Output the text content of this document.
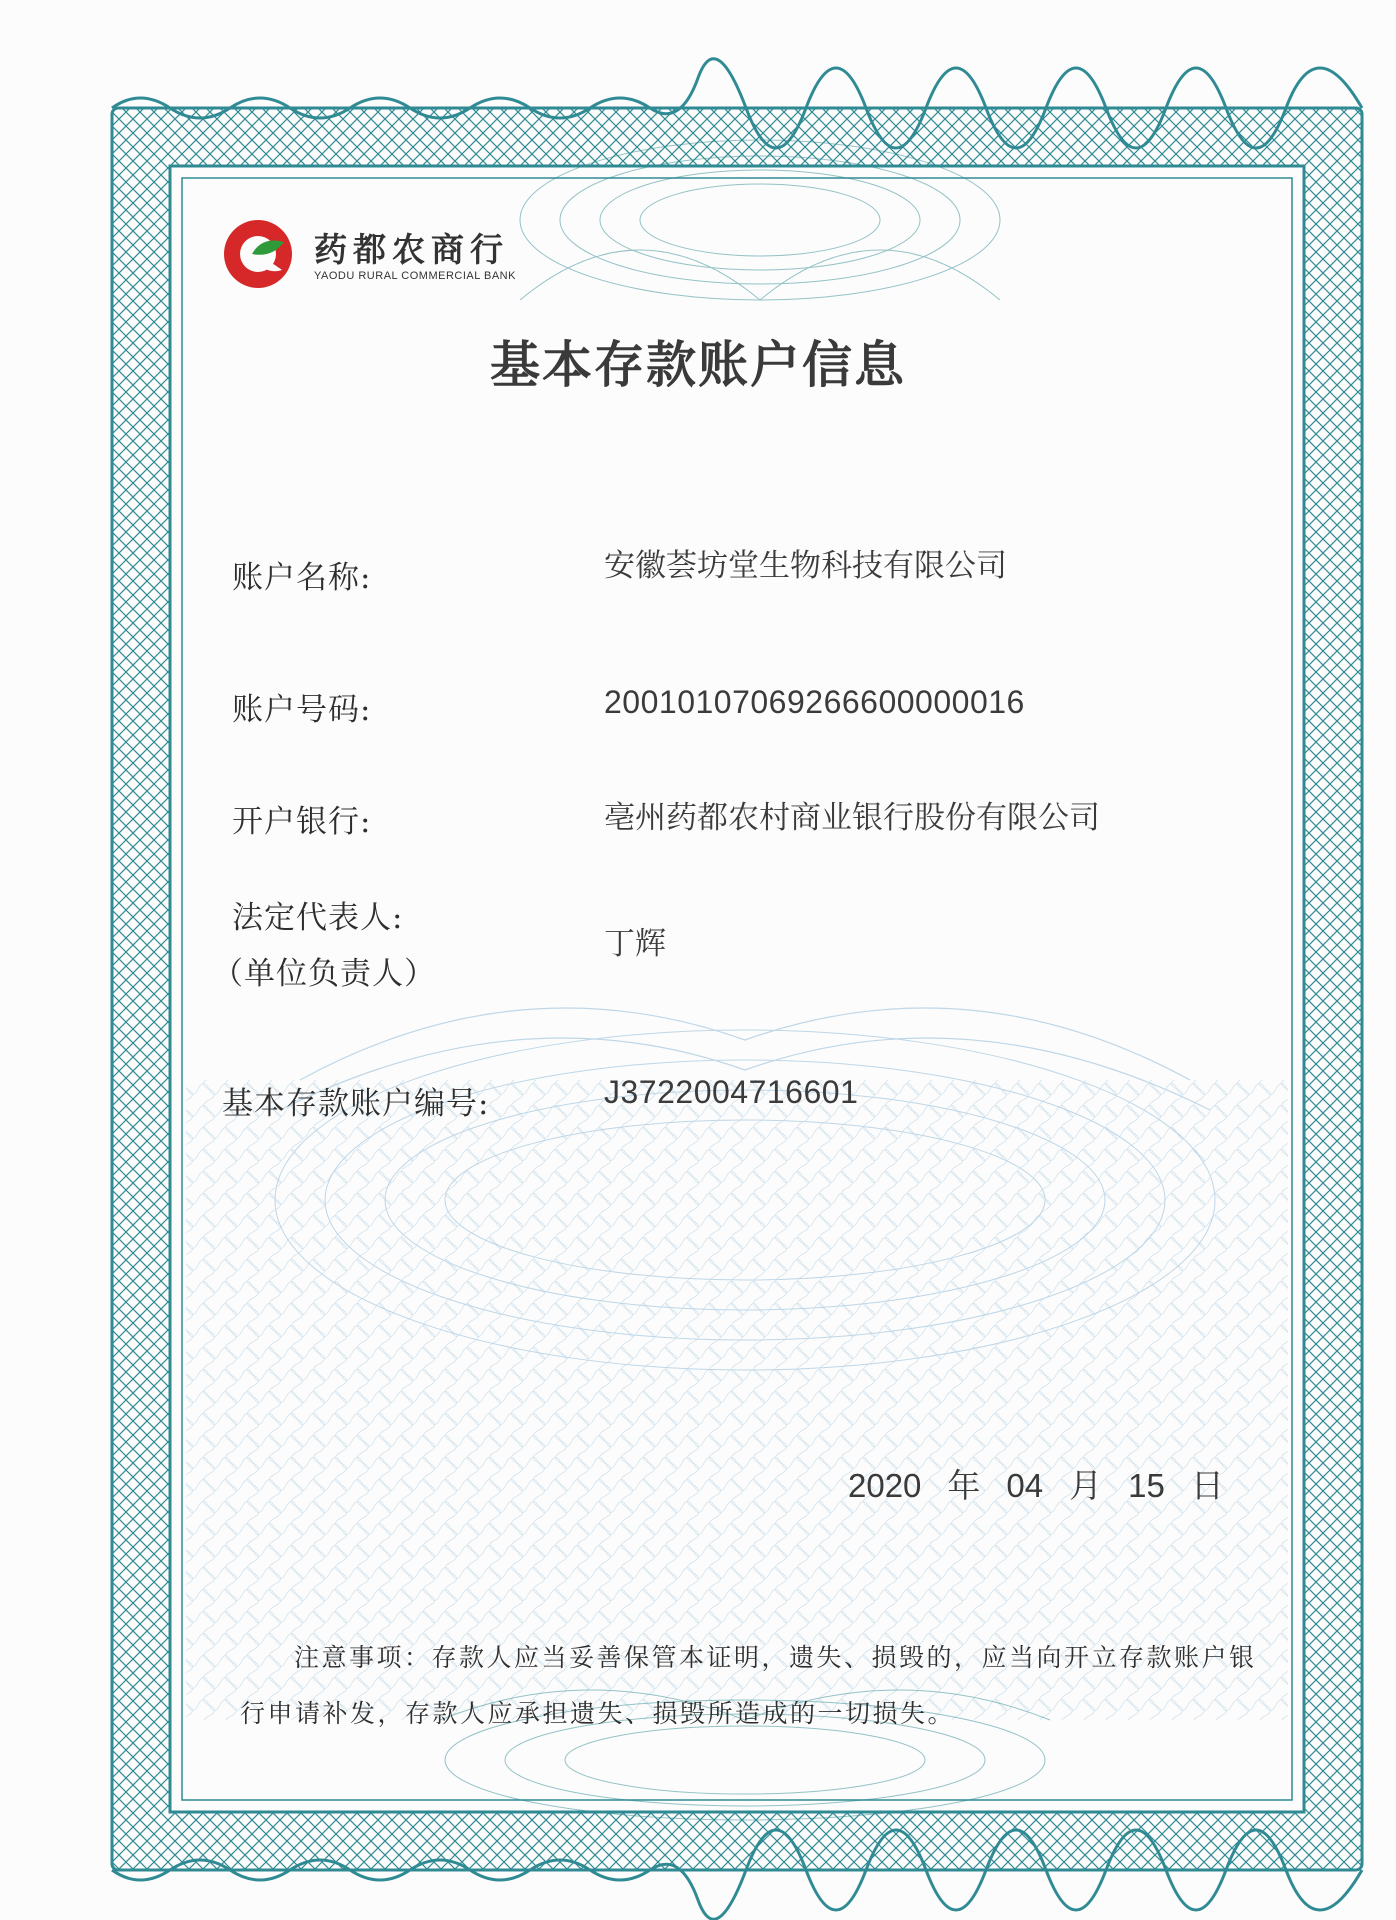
药都农商行
YAODU RURAL COMMERCIAL BANK
基本存款账户信息
账户名称:	安徽荟坊堂生物科技有限公司
账户号码:	20010107069266600000016
开户银行:	亳州药都农村商业银行股份有限公司
法定代表人:
（单位负责人）
丁辉
基本存款账户编号:	J3722004716601
2020 年 04 月 15 日
注意事项：存款人应当妥善保管本证明，遗失、损毁的，应当向开立存款账户银行申请补发，存款人应承担遗失、损毁所造成的一切损失。
